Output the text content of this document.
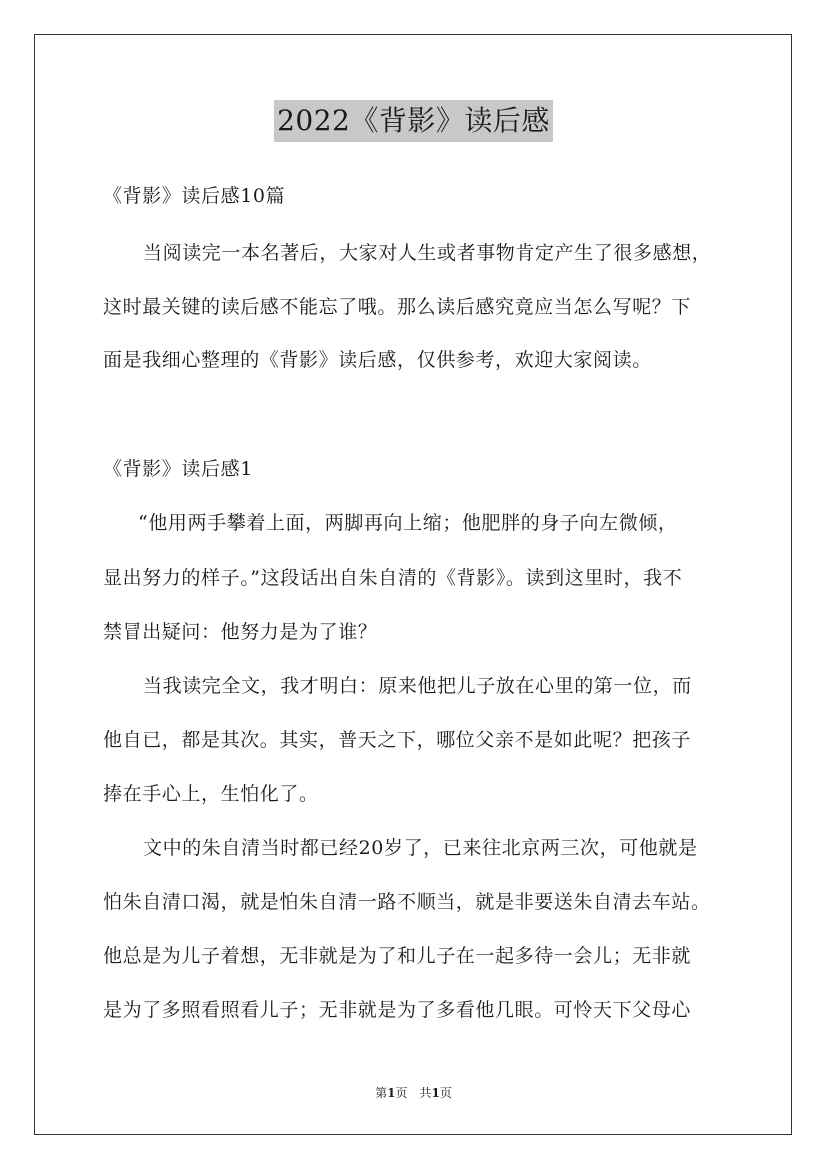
2022《背影》读后感
《背影》读后感10篇
当阅读完一本名著后，大家对人生或者事物肯定产生了很多感想，
这时最关键的读后感不能忘了哦。那么读后感究竟应当怎么写呢？下
面是我细心整理的《背影》读后感，仅供参考，欢迎大家阅读。
《背影》读后感1
“他用两手攀着上面，两脚再向上缩；他肥胖的身子向左微倾，
显出努力的样子。”这段话出自朱自清的《背影》。读到这里时，我不
禁冒出疑问：他努力是为了谁？
当我读完全文，我才明白：原来他把儿子放在心里的第一位，而
他自已，都是其次。其实，普天之下，哪位父亲不是如此呢？把孩子
捧在手心上，生怕化了。
文中的朱自清当时都已经20岁了，已来往北京两三次，可他就是
怕朱自清口渴，就是怕朱自清一路不顺当，就是非要送朱自清去车站。
他总是为儿子着想，无非就是为了和儿子在一起多待一会儿；无非就
是为了多照看照看儿子；无非就是为了多看他几眼。可怜天下父母心
第1页　共1页
